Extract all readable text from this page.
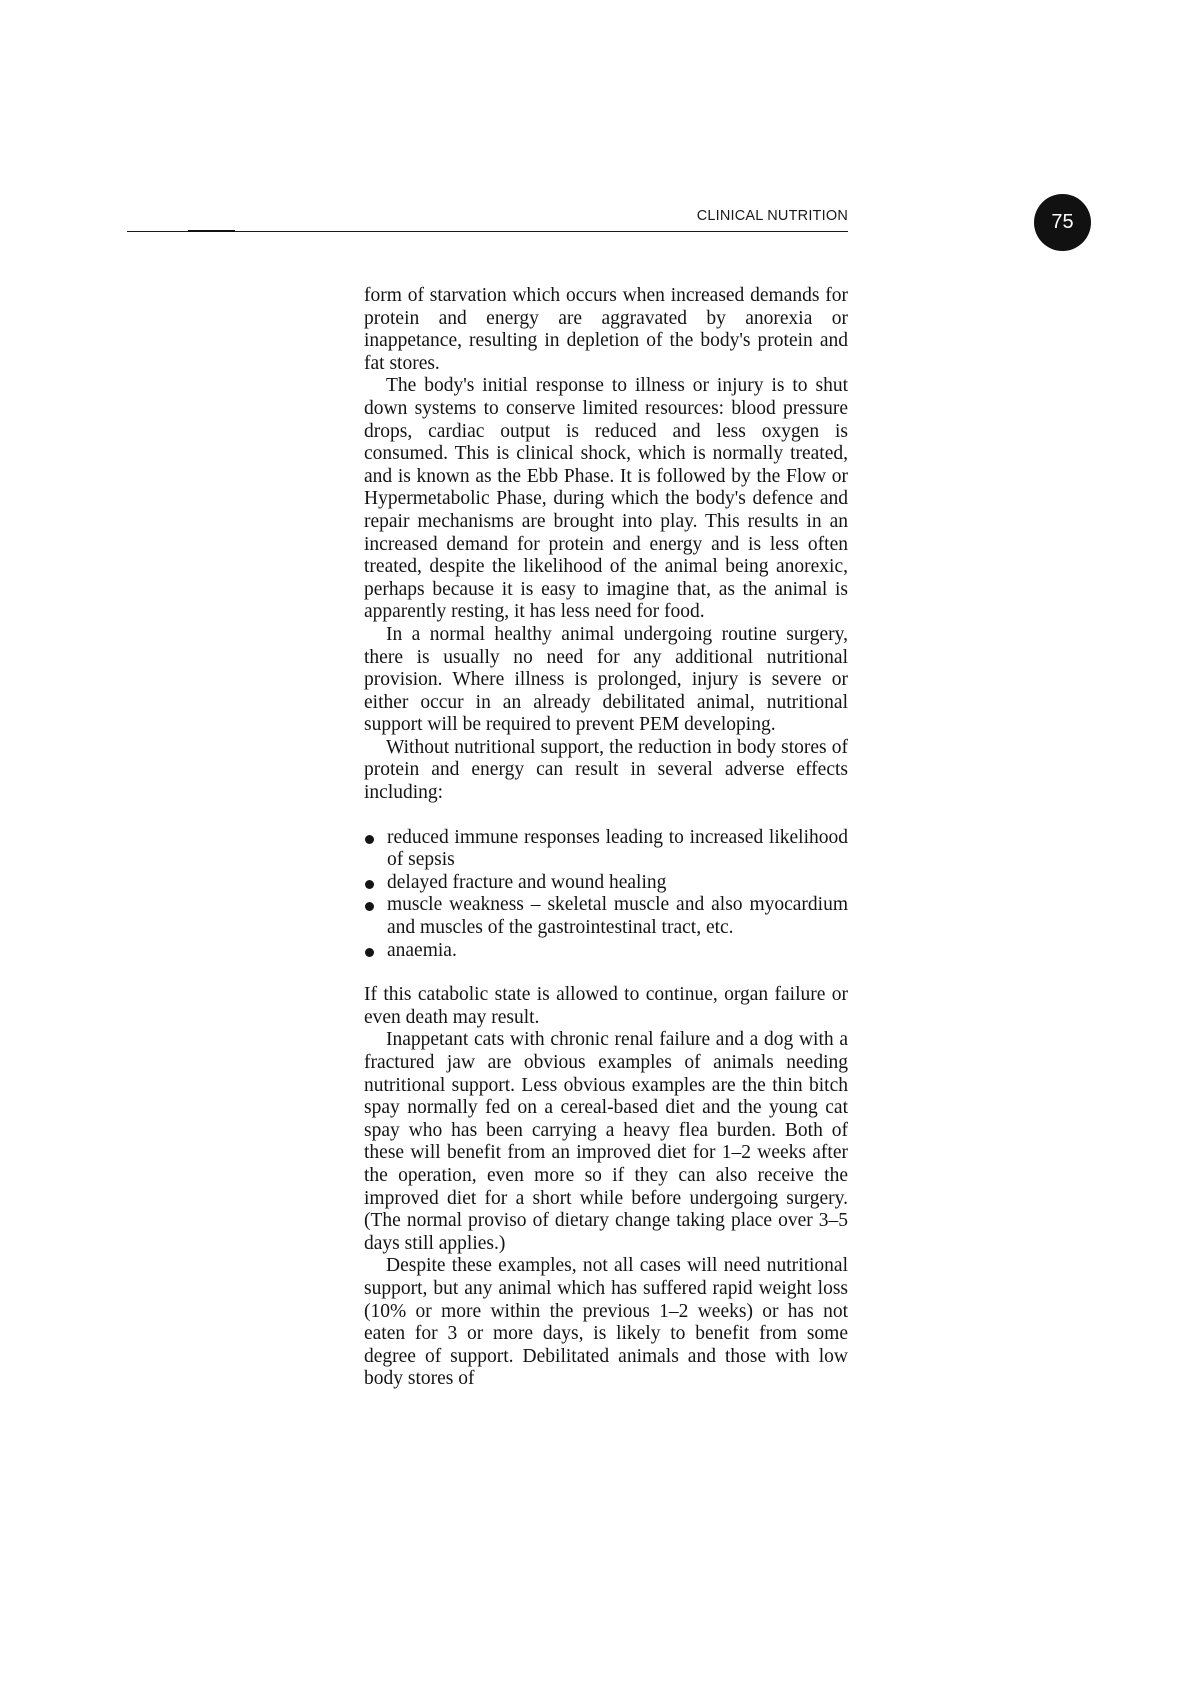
CLINICAL NUTRITION	75

form of starvation which occurs when increased demands for protein and energy are aggravated by anorexia or inappetance, resulting in depletion of the body's protein and fat stores.

The body's initial response to illness or injury is to shut down systems to conserve limited resources: blood pressure drops, cardiac output is reduced and less oxygen is consumed. This is clinical shock, which is normally treated, and is known as the Ebb Phase. It is followed by the Flow or Hypermetabolic Phase, during which the body's defence and repair mechanisms are brought into play. This results in an increased demand for protein and energy and is less often treated, despite the likelihood of the animal being anorexic, perhaps because it is easy to imagine that, as the animal is apparently resting, it has less need for food.

In a normal healthy animal undergoing routine surgery, there is usually no need for any additional nutritional provision. Where illness is prolonged, injury is severe or either occur in an already debilitated animal, nutritional support will be required to prevent PEM developing.

Without nutritional support, the reduction in body stores of protein and energy can result in several adverse effects including:

reduced immune responses leading to increased likelihood of sepsis
delayed fracture and wound healing
muscle weakness – skeletal muscle and also myocardium and muscles of the gastrointestinal tract, etc.
anaemia.

If this catabolic state is allowed to continue, organ failure or even death may result.

Inappetant cats with chronic renal failure and a dog with a fractured jaw are obvious examples of animals needing nutritional support. Less obvious examples are the thin bitch spay normally fed on a cereal-based diet and the young cat spay who has been carrying a heavy flea burden. Both of these will benefit from an improved diet for 1–2 weeks after the operation, even more so if they can also receive the improved diet for a short while before undergoing surgery. (The normal proviso of dietary change taking place over 3–5 days still applies.)

Despite these examples, not all cases will need nutritional support, but any animal which has suffered rapid weight loss (10% or more within the previous 1–2 weeks) or has not eaten for 3 or more days, is likely to benefit from some degree of support. Debilitated animals and those with low body stores of
